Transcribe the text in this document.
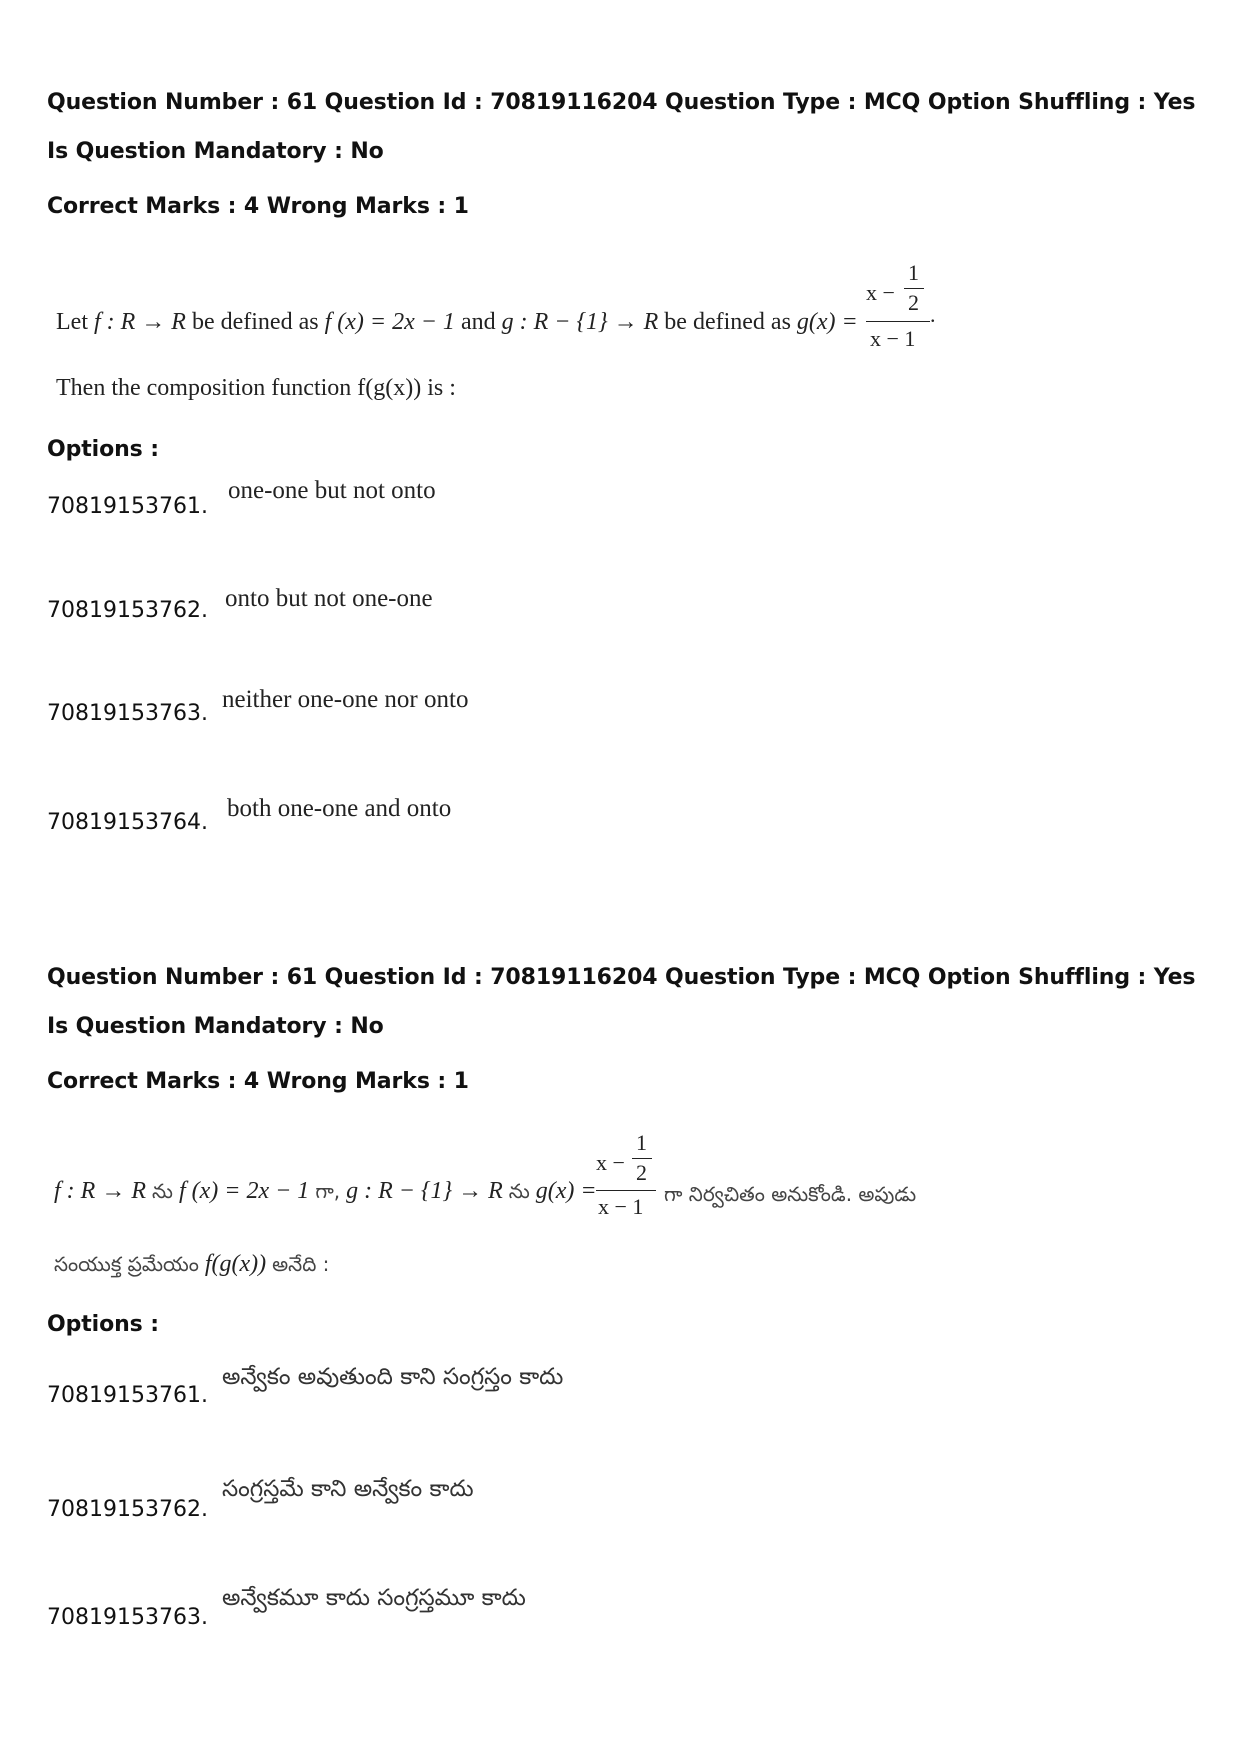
Question Number : 61 Question Id : 70819116204 Question Type : MCQ Option Shuffling : Yes
Is Question Mandatory : No
Correct Marks : 4 Wrong Marks : 1
Let f : R → R be defined as f (x) = 2x − 1 and g : R − {1} → R be defined as g(x) =
x −
1
2
x − 1
.
Then the composition function f(g(x)) is :
Options :
70819153761.
one-one but not onto
70819153762. onto but not one-one
70819153763.
neither one-one nor onto
70819153764.
both one-one and onto
Question Number : 61 Question Id : 70819116204 Question Type : MCQ Option Shuffling : Yes
Is Question Mandatory : No
Correct Marks : 4 Wrong Marks : 1
f : R → R ను f (x) = 2x − 1 గా, g : R − {1} → R ను g(x) =
x −
1
2
x − 1 గా నిర్వచితం అనుకోండి. అపుడు
సంయుక్త ప్రమేయం f(g(x)) అనేది :
Options :
70819153761.
అన్వేకం అవుతుంది కాని సంగ్రస్తం కాదు
70819153762.
సంగ్రస్తమే కాని అన్వేకం కాదు
70819153763.
అన్వేకమూ కాదు సంగ్రస్తమూ కాదు
